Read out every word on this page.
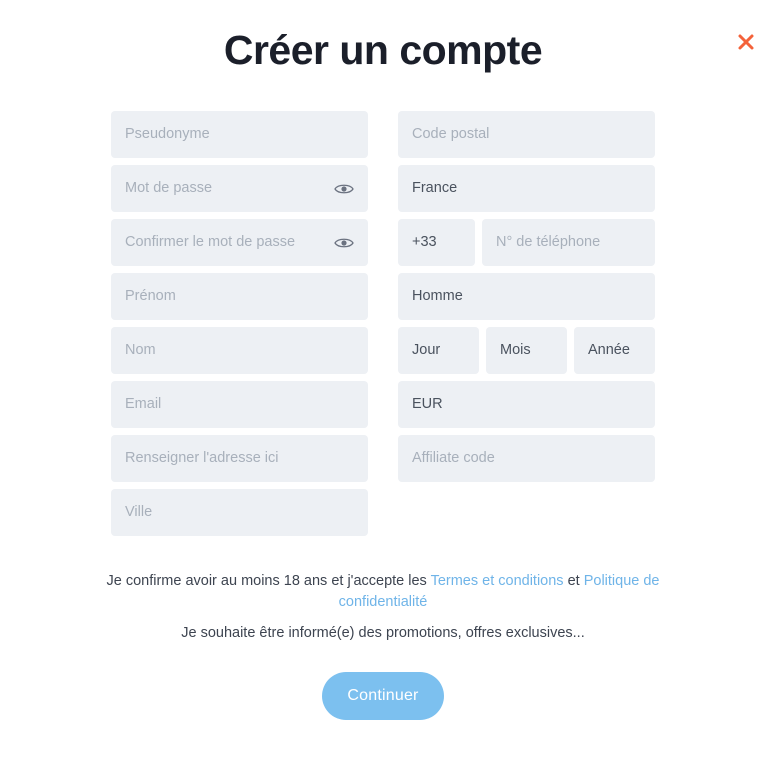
Créer un compte
Pseudonyme
Mot de passe
Confirmer le mot de passe
Prénom
Nom
Email
Renseigner l'adresse ici
Ville
Code postal
France
+33	N° de téléphone
Homme
Jour	Mois	Année
EUR
Affiliate code
Je confirme avoir au moins 18 ans et j'accepte les Termes et conditions et Politique de confidentialité
Je souhaite être informé(e) des promotions, offres exclusives...
Continuer
